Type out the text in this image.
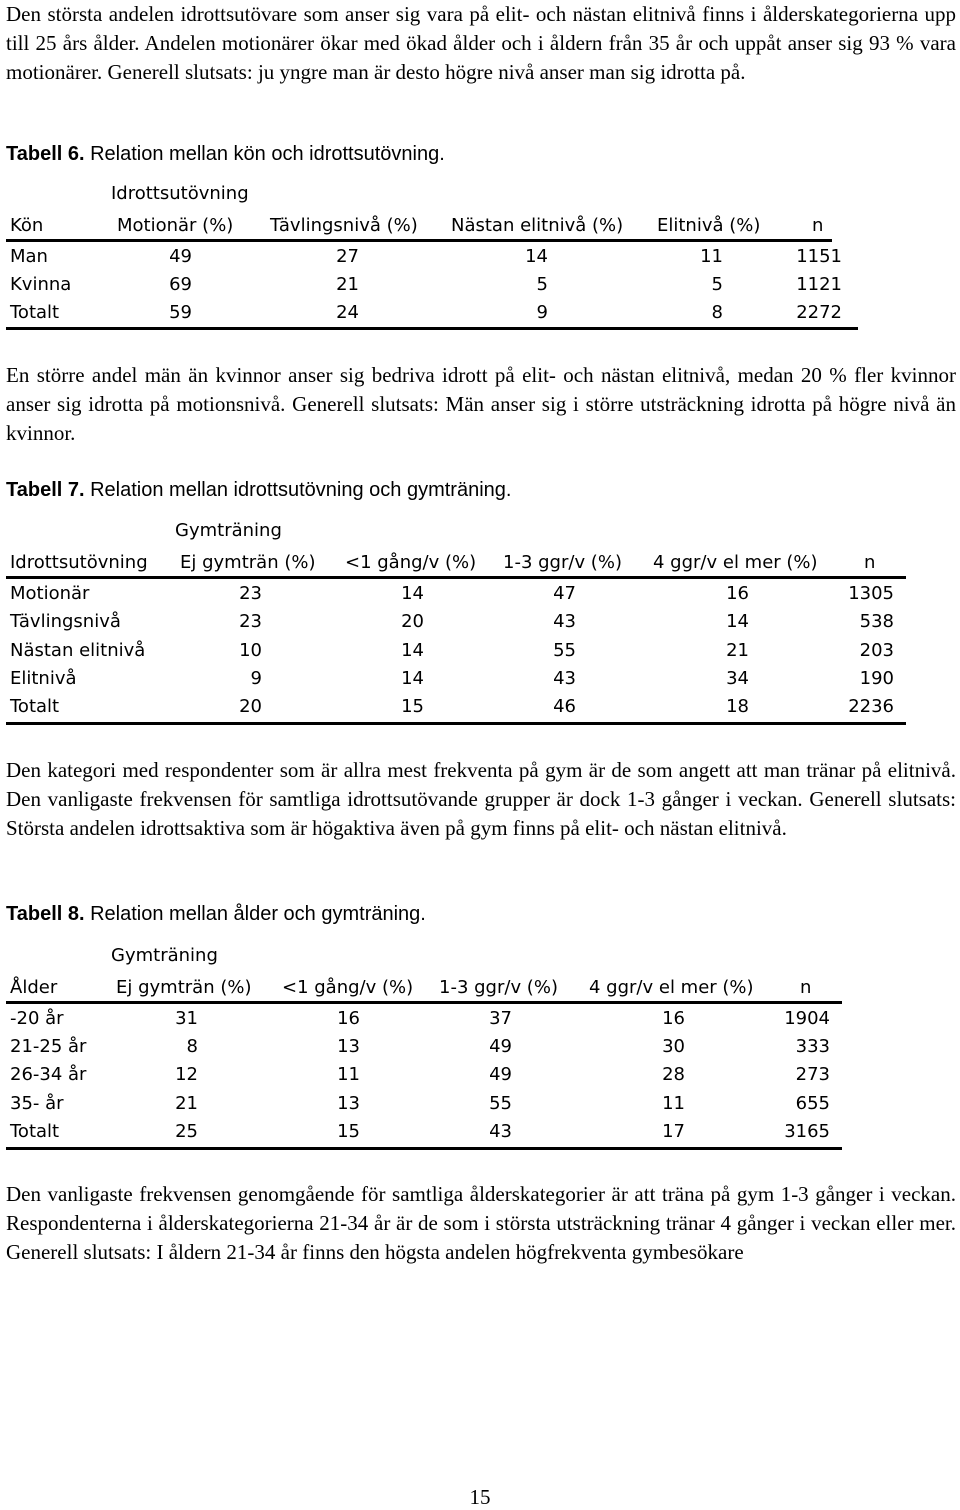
Den största andelen idrottsutövare som anser sig vara på elit- och nästan elitnivå finns i ålderskategorierna upp till 25 års ålder. Andelen motionärer ökar med ökad ålder och i åldern från 35 år och uppåt anser sig 93 % vara motionärer. Generell slutsats: ju yngre man är desto högre nivå anser man sig idrotta på.

Tabell 6. Relation mellan kön och idrottsutövning.
Idrottsutövning
Kön	Motionär (%) Tävlingsnivå (%) Nästan elitnivå (%) Elitnivå (%)	n
Man	49	27	14	11	1151
Kvinna	69	21	5	5	1121
Totalt	59	24	9	8	2272

En större andel män än kvinnor anser sig bedriva idrott på elit- och nästan elitnivå, medan 20 % fler kvinnor anser sig idrotta på motionsnivå. Generell slutsats: Män anser sig i större utsträckning idrotta på högre nivå än kvinnor.

Tabell 7. Relation mellan idrottsutövning och gymträning.
Gymträning
Idrottsutövning Ej gymträn (%) <1 gång/v (%) 1-3 ggr/v (%) 4 ggr/v el mer (%)	n
Motionär	23	14	47	16	1305
Tävlingsnivå	23	20	43	14	538
Nästan elitnivå	10	14	55	21	203
Elitnivå	9	14	43	34	190
Totalt	20	15	46	18	2236

Den kategori med respondenter som är allra mest frekventa på gym är de som angett att man tränar på elitnivå. Den vanligaste frekvensen för samtliga idrottsutövande grupper är dock 1-3 gånger i veckan. Generell slutsats: Största andelen idrottsaktiva som är högaktiva även på gym finns på elit- och nästan elitnivå.

Tabell 8. Relation mellan ålder och gymträning.
Gymträning
Ålder	Ej gymträn (%) <1 gång/v (%) 1-3 ggr/v (%) 4 ggr/v el mer (%)	n
-20 år	31	16	37	16	1904
21-25 år	8	13	49	30	333
26-34 år	12	11	49	28	273
35- år	21	13	55	11	655
Totalt	25	15	43	17	3165

Den vanligaste frekvensen genomgående för samtliga ålderskategorier är att träna på gym 1-3 gånger i veckan. Respondenterna i ålderskategorierna 21-34 år är de som i största utsträckning tränar 4 gånger i veckan eller mer. Generell slutsats: I åldern 21-34 år finns den högsta andelen högfrekventa gymbesökare

15
